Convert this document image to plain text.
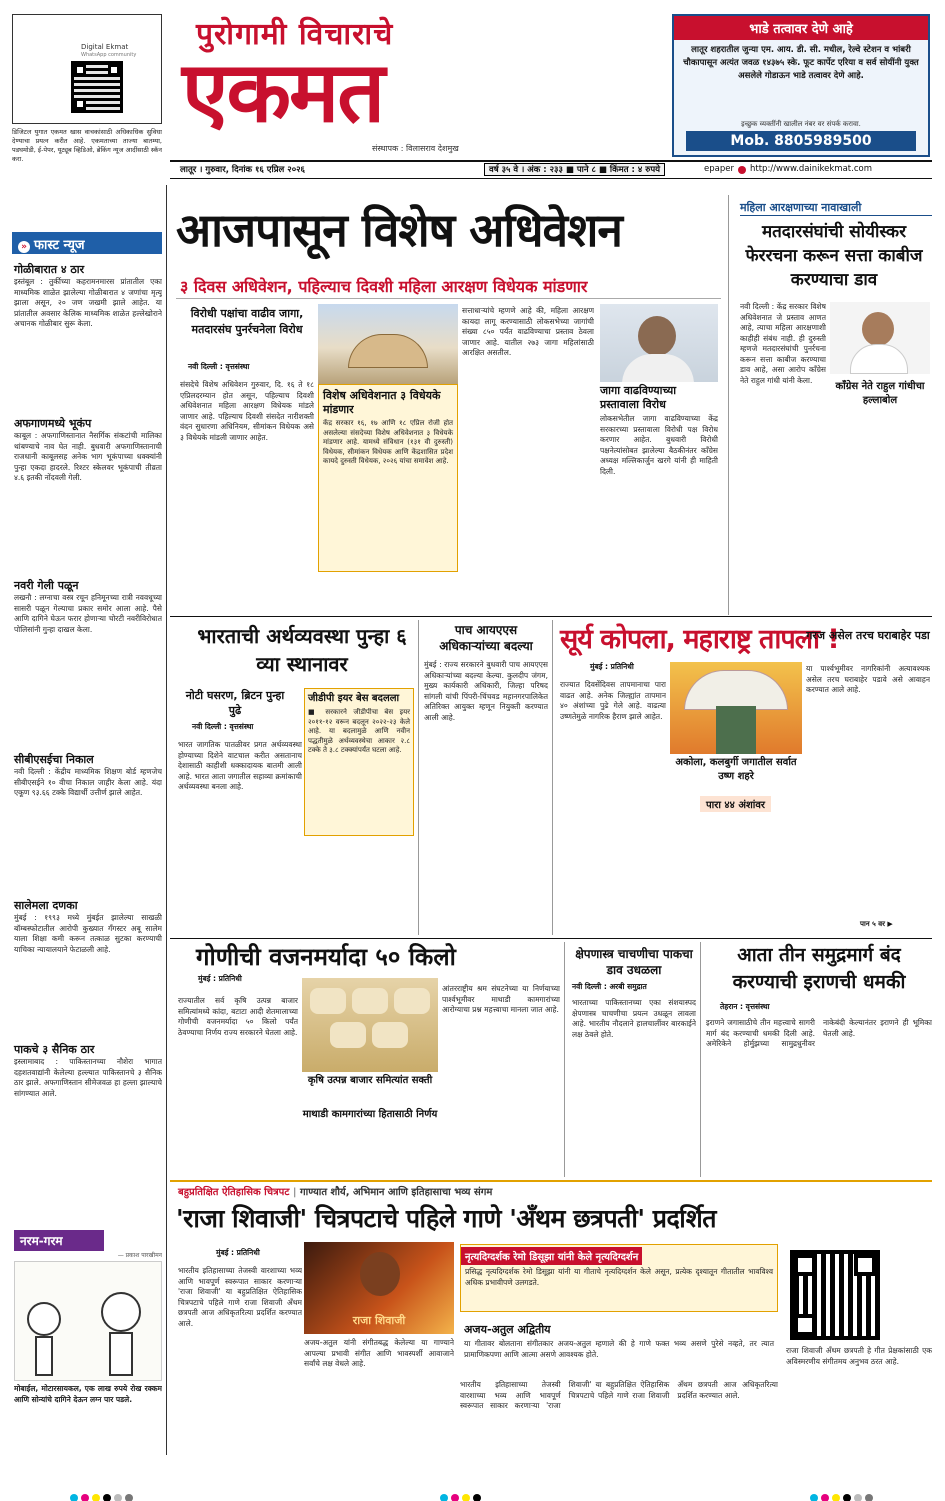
Digital Ekmat
WhatsApp community
डिजिटल युगात एकमत खास वाचकांसाठी अधिकाधिक सुविधा देण्याचा प्रयत्न करीत आहे. एकमताच्या ताज्या बातम्या, पडघमोडी, ई-पेपर, यूट्यूब व्हिडिओ, ब्रेकिंग न्यूज आदींसाठी स्कॅन करा.
पुरोगामी विचाराचे
एकमत
संस्थापक : विलासराव देशमुख
भाडे तत्वावर देणे आहे
लातूर शहरातील जुन्या एम. आय. डी. सी. मधील, रेल्वे स्टेशन व भांबरी चौकापासून अत्यंत जवळ १४३७५ स्के. फूट कार्पेट एरिया व सर्व सोयींनी युक्त असलेले गोडाऊन भाडे तत्वावर देणे आहे.
इच्छुक व्यक्तींनी खालील नंबर वर संपर्क करावा.
Mob. 8805989500
लातूर । गुरुवार, दिनांक १६ एप्रिल २०२६	वर्ष ३५ वे । अंक : २३३ ■ पाने ८ ■ किंमत : ४ रुपये	epaper http://www.dainikekmat.com
» फास्ट न्यूज
गोळीबारात ४ ठार
इस्तंबूल : तुर्कीच्या कहरामनमारस प्रांतातील एका माध्यमिक शाळेत झालेल्या गोळीबारात ४ जणांचा मृत्यू झाला असून, २० जण जखमी झाले आहेत. या प्रांतातील अवसार केलिक माध्यमिक शाळेत हल्लेखोराने अचानक गोळीबार सुरू केला.
अफगाणमध्ये भूकंप
काबूल : अफगाणिस्तानात नैसर्गिक संकटांची मालिका थांबण्याचे नाव घेत नाही. बुधवारी अफगाणिस्तानाची राजधानी काबूलसह अनेक भाग भूकंपाच्या धक्क्यांनी पुन्हा एकदा हादरले. रिश्टर स्केलवर भूकंपाची तीव्रता ४.६ इतकी नोंदवली गेली.
नवरी गेली पळून
लखनौ : लग्नाचा वस्त्र रचून हनिमूनच्या रात्री नववधूच्या सासरी पळून गेल्याचा प्रकार समोर आला आहे. पैसे आणि दागिने घेऊन फरार होणाऱ्या चोरटी नवरीविरोधात पोलिसांनी गुन्हा दाखल केला.
सीबीएसईचा निकाल
नवी दिल्ली : केंद्रीय माध्यमिक शिक्षण बोर्ड म्हणजेच सीबीएसईने १० वीचा निकाल जाहीर केला आहे. यंदा एकूण ९३.६६ टक्के विद्यार्थी उत्तीर्ण झाले आहेत.
सालेमला दणका
मुंबई : १९९३ मध्ये मुंबईत झालेल्या साखळी बॉम्बस्फोटातील आरोपी कुख्यात गँगस्टर अबू सालेम याला शिक्षा कमी करून तत्काळ सुटका करण्याची याचिका न्यायालयाने फेटाळली आहे.
पाकचे ३ सैनिक ठार
इस्लामाबाद : पाकिस्तानच्या नौशेरा भागात दहशतवाद्यांनी केलेल्या हल्ल्यात पाकिस्तानचे ३ सैनिक ठार झाले. अफगाणिस्तान सीमेजवळ हा हल्ला झाल्याचे सांगण्यात आले.
नरम-गरम
— प्रकाश पारखीमन
मोबाईल, मोटारसायकल, एक लाख रुपये रोख रक्कम आणि सोन्यांचे दागिने देऊन लग्न पार पडले.
आजपासून विशेष अधिवेशन
३ दिवस अधिवेशन, पहिल्याच दिवशी महिला आरक्षण विधेयक मांडणार
विरोधी पक्षांचा वाढीव जागा, मतदारसंघ पुनर्रचनेला विरोध
नवी दिल्ली : वृत्तसंस्था
संसदेचे विशेष अधिवेशन गुरुवार, दि. १६ ते १८ एप्रिलदरम्यान होत असून, पहिल्याच दिवशी अधिवेशनात महिला आरक्षण विधेयक मांडले जाणार आहे. पहिल्याच दिवशी संसदेत नारीशक्ती वंदन सुधारणा अधिनियम, सीमांकन विधेयक असे ३ विधेयके मांडली जाणार आहेत.
विशेष अधिवेशनात ३ विधेयके मांडणार
केंद्र सरकार १६, १७ आणि १८ एप्रिल रोजी होत असलेल्या संसदेच्या विशेष अधिवेशनात ३ विधेयके मांडणार आहे. यामध्ये संविधान (१३१ वी दुरुस्ती) विधेयक, सीमांकन विधेयक आणि केंद्रशासित प्रदेश कायदे दुरुस्ती विधेयक, २०२६ यांचा समावेश आहे.
सत्ताधाऱ्यांचे म्हणणे आहे की, महिला आरक्षण कायदा लागू करण्यासाठी लोकसभेच्या जागांची संख्या ८५० पर्यंत वाढविण्याचा प्रस्ताव ठेवला जाणार आहे. यातील २७३ जागा महिलांसाठी आरक्षित असतील.
जागा वाढविण्याच्या प्रस्तावाला विरोध
लोकसभेतील जागा वाढविण्याच्या केंद्र सरकारच्या प्रस्तावाला विरोधी पक्ष विरोध करणार आहेत. बुधवारी विरोधी पक्षनेत्यांसोबत झालेल्या बैठकीनंतर काँग्रेस अध्यक्ष मल्लिकार्जुन खरगे यांनी ही माहिती दिली.
महिला आरक्षणाच्या नावाखाली
मतदारसंघांची सोयीस्कर फेररचना करून सत्ता काबीज करण्याचा डाव
नवी दिल्ली : केंद्र सरकार विशेष अधिवेशनात जे प्रस्ताव आणत आहे, त्याचा महिला आरक्षणाशी काहीही संबंध नाही. ही दुरुस्ती म्हणजे मतदारसंघांची पुनर्रचना करून सत्ता काबीज करण्याचा डाव आहे, असा आरोप काँग्रेस नेते राहुल गांधी यांनी केला.
काँग्रेस नेते राहुल गांधीचा हल्लाबोल
भारताची अर्थव्यवस्था पुन्हा ६ व्या स्थानावर
नोटी घसरण, ब्रिटन पुन्हा पुढे
नवी दिल्ली : वृत्तसंस्था
भारत जागतिक पातळीवर प्रगत अर्थव्यवस्था होण्याच्या दिशेने वाटचाल करीत असतानाच देशासाठी काहीशी धक्कादायक बातमी आली आहे. भारत आता जगातील सहाव्या क्रमांकाची अर्थव्यवस्था बनला आहे.
जीडीपी इयर बेस बदलला
■ सरकारने जीडीपीचा बेस इयर २०११-१२ वरून बदलून २०२२-२३ केले आहे. या बदलामुळे आणि नवीन पद्धतीमुळे अर्थव्यवस्थेचा आकार २.८ टक्के ते ३.८ टक्क्यांपर्यंत घटला आहे.
पाच आयएएस अधिकाऱ्यांच्या बदल्या
मुंबई : राज्य सरकारने बुधवारी पाच आयएएस अधिकाऱ्यांच्या बदल्या केल्या. कुलदीप जंगम, मुख्य कार्यकारी अधिकारी, जिल्हा परिषद सांगली यांची पिंपरी-चिंचवड महानगरपालिकेत अतिरिक्त आयुक्त म्हणून नियुक्ती करण्यात आली आहे.
सूर्य कोपला, महाराष्ट्र तापला !
मुंबई : प्रतिनिधी
राज्यात दिवसेंदिवस तापमानाचा पारा वाढत आहे. अनेक जिल्ह्यांत तापमान ४० अंशांच्या पुढे गेले आहे. वाढत्या उष्णतेमुळे नागरिक हैराण झाले आहेत.
अकोला, कलबुर्गी जगातील सर्वात उष्ण शहरे
पारा ४४ अंशांवर
गरज असेल तरच घराबाहेर पडा
या पार्श्वभूमीवर नागरिकांनी अत्यावश्यक असेल तरच घराबाहेर पडावे असे आवाहन करण्यात आले आहे.
पान ५ वर ▶
गोणीची वजनमर्यादा ५० किलो
मुंबई : प्रतिनिधी
राज्यातील सर्व कृषि उत्पन्न बाजार समित्यांमध्ये कांदा, बटाटा आदी शेतमालाच्या गोणीची वजनमर्यादा ५० किलो पर्यंत ठेवण्याचा निर्णय राज्य सरकारने घेतला आहे.
कृषि उत्पन्न बाजार समित्यांत सक्ती
माथाडी कामगारांच्या हितासाठी निर्णय
आंतरराष्ट्रीय श्रम संघटनेच्या या निर्णयाच्या पार्श्वभूमीवर माथाडी कामगारांच्या आरोग्याचा प्रश्न महत्त्वाचा मानला जात आहे.
क्षेपणास्त्र चाचणीचा पाकचा डाव उधळला
नवी दिल्ली : अरबी समुद्रात
भारताच्या पाकिस्तानच्या एका संशयास्पद क्षेपणास्त्र चाचणीचा प्रयत्न उधळून लावला आहे. भारतीय नौदलाने हालचालींवर बारकाईने लक्ष ठेवले होते.
आता तीन समुद्रमार्ग बंद करण्याची इराणची धमकी
तेहरान : वृत्तसंस्था
इराणने जगासाठीचे तीन महत्त्वाचे सागरी मार्ग बंद करण्याची धमकी दिली आहे. अमेरिकेने होर्मुझच्या सामुद्रधुनीवर नाकेबंदी केल्यानंतर इराणने ही भूमिका घेतली आहे.
बहुप्रतिक्षित ऐतिहासिक चित्रपट | गाण्यात शौर्य, अभिमान आणि इतिहासाचा भव्य संगम
'राजा शिवाजी' चित्रपटाचे पहिले गाणे 'अँथम छत्रपती' प्रदर्शित
मुंबई : प्रतिनिधी
भारतीय इतिहासाच्या तेजस्वी वारशाच्या भव्य आणि भावपूर्ण स्वरूपात साकार करणाऱ्या 'राजा शिवाजी' या बहुप्रतिक्षित ऐतिहासिक चित्रपटाचे पहिले गाणे राजा शिवाजी अँथम छत्रपती आज अधिकृतरित्या प्रदर्शित करण्यात आले.	राजा शिवाजी
अजय-अतुल यांनी संगीतबद्ध केलेल्या या गाण्याने आपल्या प्रभावी संगीत आणि भावस्पर्शी आवाजाने सर्वांचे लक्ष वेधले आहे.
नृत्यदिग्दर्शक रेमो डिसूझा यांनी केले नृत्यदिग्दर्शन
प्रसिद्ध नृत्यदिग्दर्शक रेमो डिसूझा यांनी या गीताचे नृत्यदिग्दर्शन केले असून, प्रत्येक दृश्यातून गीतातील भावविश्व अधिक प्रभावीपणे उलगडते.
अजय-अतुल अद्वितीय
या गीतावर बोलताना संगीतकार अजय-अतुल म्हणाले की हे गाणे फक्त भव्य असणे पुरेसे नव्हते, तर त्यात प्रामाणिकपणा आणि आत्मा असणे आवश्यक होते.
भारतीय इतिहासाच्या तेजस्वी वारशाच्या भव्य आणि भावपूर्ण स्वरूपात साकार करणाऱ्या 'राजा शिवाजी' या बहुप्रतिक्षित ऐतिहासिक चित्रपटाचे पहिले गाणे राजा शिवाजी अँथम छत्रपती आज अधिकृतरित्या प्रदर्शित करण्यात आले.
राजा शिवाजी अँथम छत्रपती हे गीत प्रेक्षकांसाठी एक अविस्मरणीय संगीतमय अनुभव ठरत आहे.
